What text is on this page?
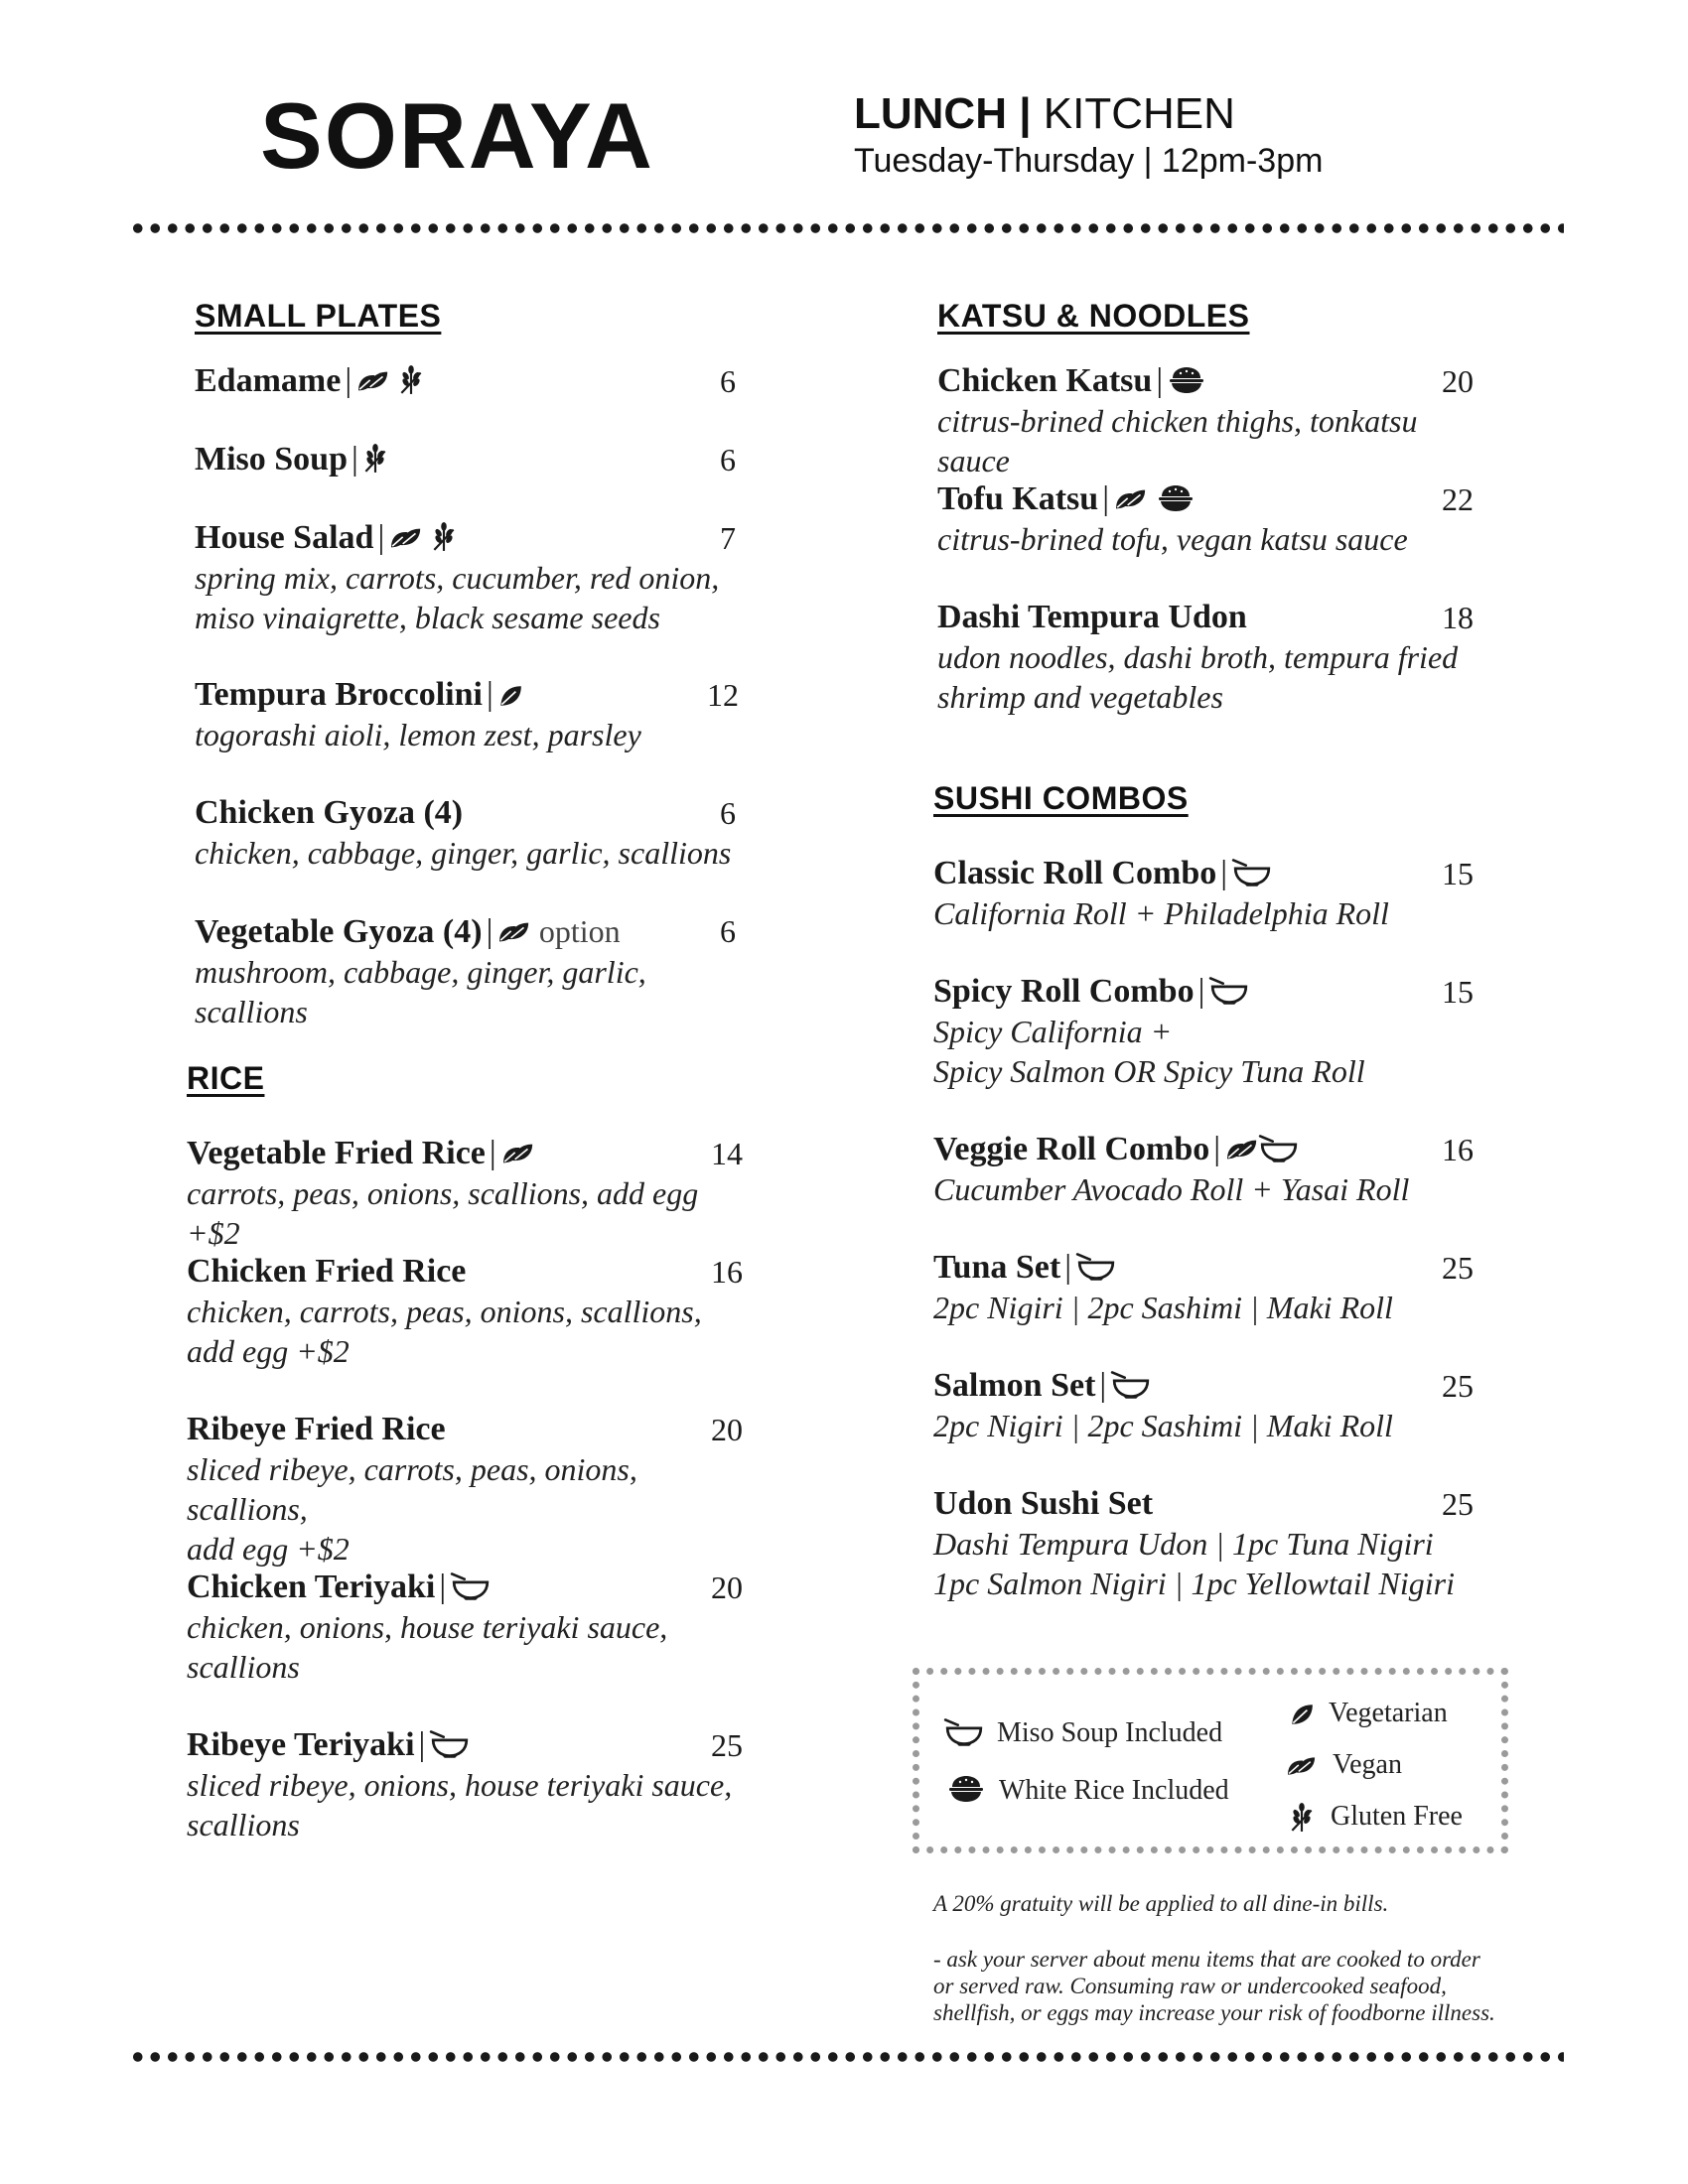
SORAYA	LUNCH | KITCHEN
Tuesday-Thursday | 12pm-3pm
SMALL PLATES
Edamame |	6
Miso Soup |	6
House Salad |	7
spring mix, carrots, cucumber, red onion,
miso vinaigrette, black sesame seeds
Tempura Broccolini |	12
togorashi aioli, lemon zest, parsley
Chicken Gyoza (4)	6
chicken, cabbage, ginger, garlic, scallions
Vegetable Gyoza (4) | option	6
mushroom, cabbage, ginger, garlic, scallions
RICE
Vegetable Fried Rice |	14
carrots, peas, onions, scallions, add egg +$2
Chicken Fried Rice	16
chicken, carrots, peas, onions, scallions,
add egg +$2
Ribeye Fried Rice	20
sliced ribeye, carrots, peas, onions, scallions,
add egg +$2
Chicken Teriyaki |	20
chicken, onions, house teriyaki sauce,
scallions
Ribeye Teriyaki |	25
sliced ribeye, onions, house teriyaki sauce,
scallions
KATSU & NOODLES
Chicken Katsu |	20
citrus-brined chicken thighs, tonkatsu sauce
Tofu Katsu |	22
citrus-brined tofu, vegan katsu sauce
Dashi Tempura Udon	18
udon noodles, dashi broth, tempura fried
shrimp and vegetables
SUSHI COMBOS
Classic Roll Combo |	15
California Roll + Philadelphia Roll
Spicy Roll Combo |	15
Spicy California +
Spicy Salmon OR Spicy Tuna Roll
Veggie Roll Combo |	16
Cucumber Avocado Roll + Yasai Roll
Tuna Set |	25
2pc Nigiri | 2pc Sashimi | Maki Roll
Salmon Set |	25
2pc Nigiri | 2pc Sashimi | Maki Roll
Udon Sushi Set	25
Dashi Tempura Udon | 1pc Tuna Nigiri
1pc Salmon Nigiri | 1pc Yellowtail Nigiri
Miso Soup Included
White Rice Included
Vegetarian
Vegan
Gluten Free
A 20% gratuity will be applied to all dine-in bills.
- ask your server about menu items that are cooked to order
or served raw. Consuming raw or undercooked seafood,
shellfish, or eggs may increase your risk of foodborne illness.
